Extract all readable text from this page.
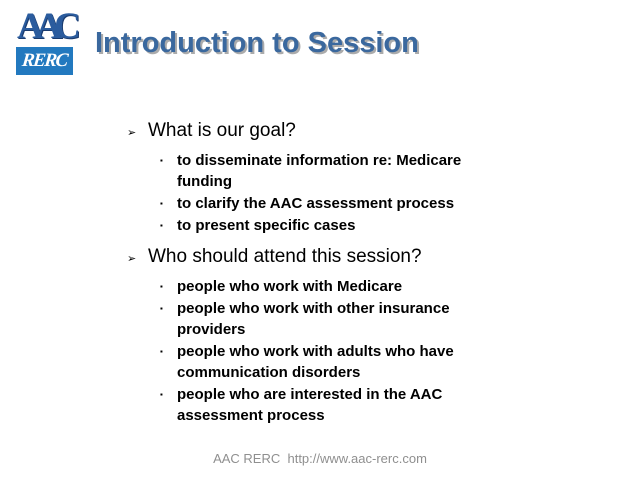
AAC
RERC
Introduction to Session
➢ What is our goal?
▪ to disseminate information re: Medicare funding
▪ to clarify the AAC assessment process
▪ to present specific cases
➢ Who should attend this session?
▪ people who work with Medicare
▪ people who work with other insurance providers
▪ people who work with adults who have communication disorders
▪ people who are interested in the AAC assessment process
AAC RERC  http://www.aac-rerc.com
